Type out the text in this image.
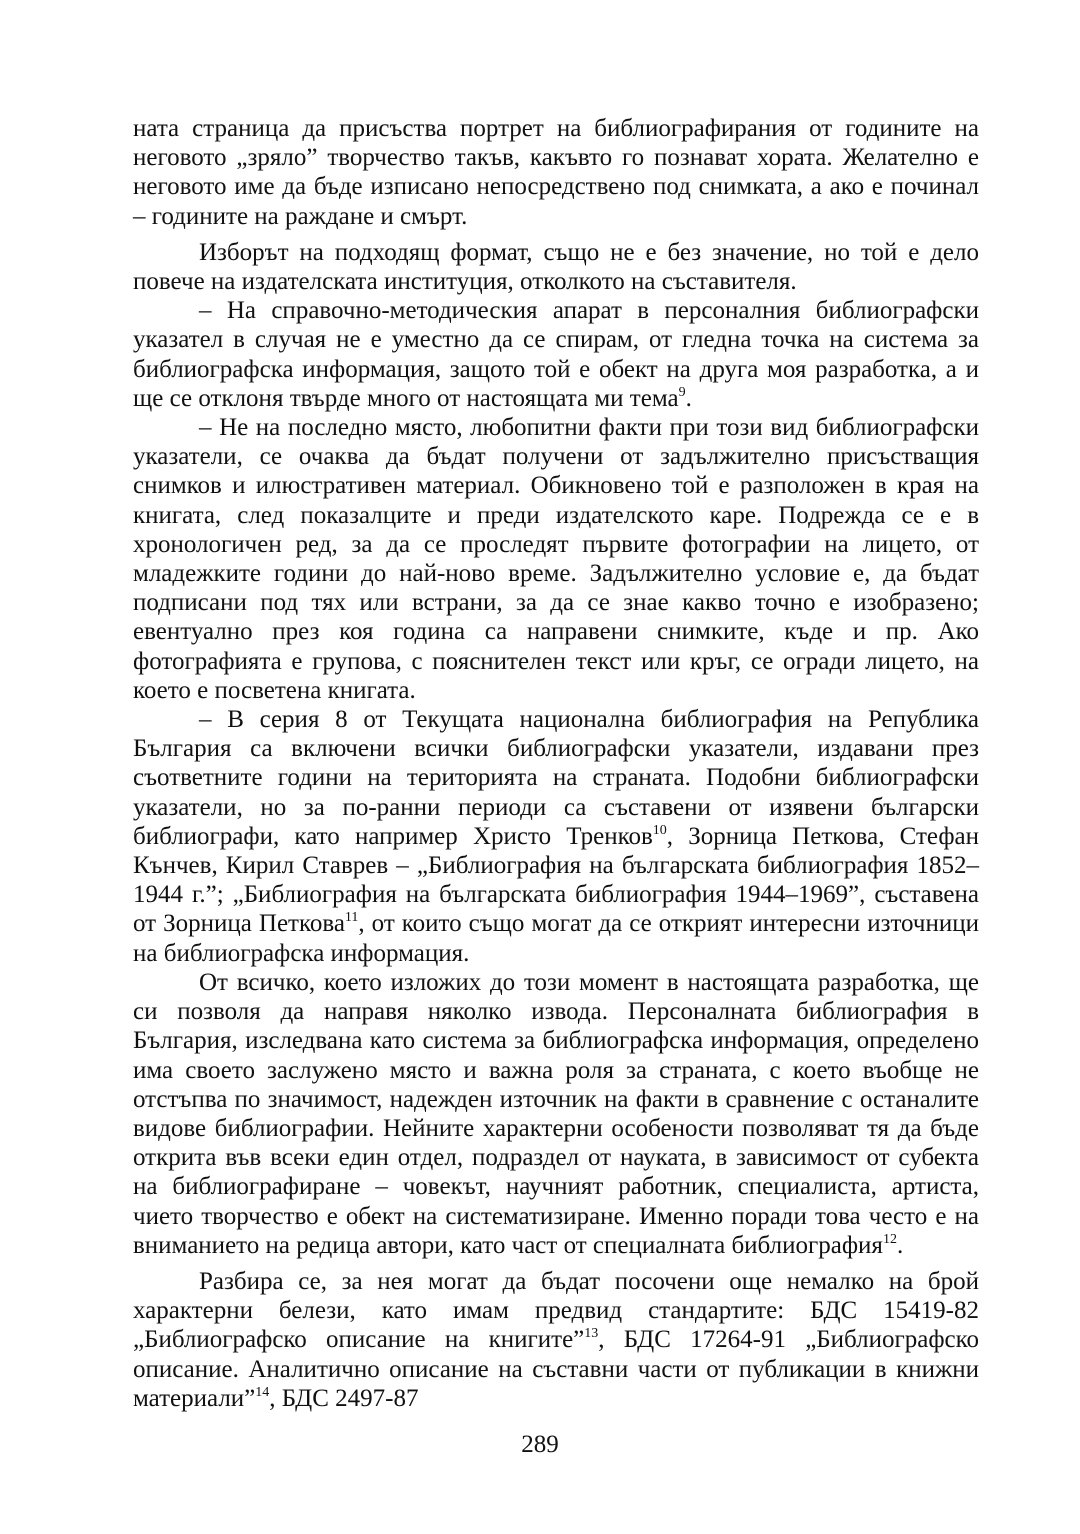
ната страница да присъства портрет на библиографирания от годините на неговото „зряло” творчество такъв, какъвто го познават хората. Желателно е неговото име да бъде изписано непосредствено под снимката, а ако е починал – годините на раждане и смърт.

Изборът на подходящ формат, също не е без значение, но той е дело повече на издателската институция, отколкото на съставителя.

– На справочно-методическия апарат в персоналния библиографски указател в случая не е уместно да се спирам, от гледна точка на система за библиографска информация, защото той е обект на друга моя разработка, а и ще се отклоня твърде много от настоящата ми тема$^9$.

– Не на последно място, любопитни факти при този вид библиографски указатели, се очаква да бъдат получени от задължително присъстващия снимков и илюстративен материал. Обикновено той е разположен в края на книгата, след показалците и преди издателското каре. Подрежда се е в хронологичен ред, за да се проследят първите фотографии на лицето, от младежките години до най-ново време. Задължително условие е, да бъдат подписани под тях или встрани, за да се знае какво точно е изобразено; евентуално през коя година са направени снимките, къде и пр. Ако фотографията е групова, с пояснителен текст или кръг, се огради лицето, на което е посветена книгата.

– В серия 8 от Текущата национална библиография на Република България са включени всички библиографски указатели, издавани през съответните години на територията на страната. Подобни библиографски указатели, но за по-ранни периоди са съставени от изявени български библиографи, като например Христо Тренков$^{10}$, Зорница Петкова, Стефан Кънчев, Кирил Ставрев – „Библиография на българската библиография 1852–1944 г.”; „Библиография на българската библиография 1944–1969”, съставена от Зорница Петкова$^{11}$, от които също могат да се открият интересни източници на библиографска информация.

От всичко, което изложих до този момент в настоящата разработка, ще си позволя да направя няколко извода. Персоналната библиография в България, изследвана като система за библиографска информация, определено има своето заслужено място и важна роля за страната, с което въобще не отстъпва по значимост, надежден източник на факти в сравнение с останалите видове библиографии. Нейните характерни особености позволяват тя да бъде открита във всеки един отдел, подраздел от науката, в зависимост от субекта на библиографиране – човекът, научният работник, специалиста, артиста, чието творчество е обект на систематизиране. Именно поради това често е на вниманието на редица автори, като част от специалната библиография$^{12}$.

Разбира се, за нея могат да бъдат посочени още немалко на брой характерни белези, като имам предвид стандартите: БДС 15419-82 „Библиографско описание на книгите”$^{13}$, БДС 17264-91 „Библиографско описание. Аналитично описание на съставни части от публикации в книжни материали”$^{14}$, БДС 2497-87

289
